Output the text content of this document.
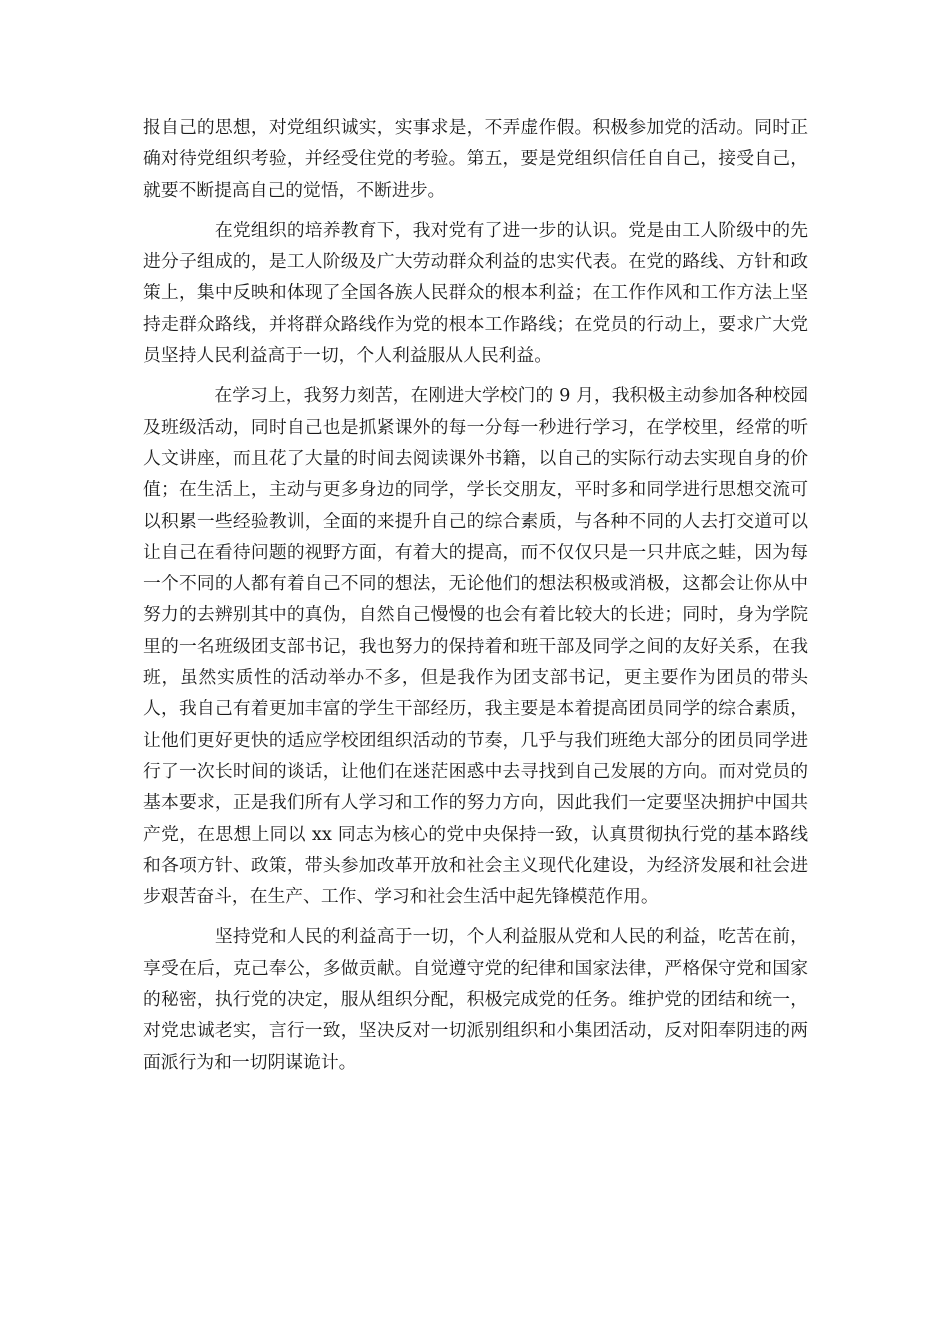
报自己的思想，对党组织诚实，实事求是，不弄虚作假。积极参加党的活动。同时正确对待党组织考验，并经受住党的考验。第五，要是党组织信任自自己，接受自己，就要不断提高自己的觉悟，不断进步。

　　　　在党组织的培养教育下，我对党有了进一步的认识。党是由工人阶级中的先进分子组成的，是工人阶级及广大劳动群众利益的忠实代表。在党的路线、方针和政策上，集中反映和体现了全国各族人民群众的根本利益；在工作作风和工作方法上坚持走群众路线，并将群众路线作为党的根本工作路线；在党员的行动上，要求广大党员坚持人民利益高于一切，个人利益服从人民利益。

　　　　在学习上，我努力刻苦，在刚进大学校门的 9 月，我积极主动参加各种校园及班级活动，同时自己也是抓紧课外的每一分每一秒进行学习，在学校里，经常的听人文讲座，而且花了大量的时间去阅读课外书籍，以自己的实际行动去实现自身的价值；在生活上，主动与更多身边的同学，学长交朋友，平时多和同学进行思想交流可以积累一些经验教训，全面的来提升自己的综合素质，与各种不同的人去打交道可以让自己在看待问题的视野方面，有着大的提高，而不仅仅只是一只井底之蛙，因为每一个不同的人都有着自己不同的想法，无论他们的想法积极或消极，这都会让你从中努力的去辨别其中的真伪，自然自己慢慢的也会有着比较大的长进；同时，身为学院里的一名班级团支部书记，我也努力的保持着和班干部及同学之间的友好关系，在我班，虽然实质性的活动举办不多，但是我作为团支部书记，更主要作为团员的带头人，我自己有着更加丰富的学生干部经历，我主要是本着提高团员同学的综合素质，让他们更好更快的适应学校团组织活动的节奏，几乎与我们班绝大部分的团员同学进行了一次长时间的谈话，让他们在迷茫困惑中去寻找到自己发展的方向。而对党员的基本要求，正是我们所有人学习和工作的努力方向，因此我们一定要坚决拥护中国共产党，在思想上同以 xx 同志为核心的党中央保持一致，认真贯彻执行党的基本路线和各项方针、政策，带头参加改革开放和社会主义现代化建设，为经济发展和社会进步艰苦奋斗，在生产、工作、学习和社会生活中起先锋模范作用。

　　　　坚持党和人民的利益高于一切，个人利益服从党和人民的利益，吃苦在前，享受在后，克己奉公，多做贡献。自觉遵守党的纪律和国家法律，严格保守党和国家的秘密，执行党的决定，服从组织分配，积极完成党的任务。维护党的团结和统一，对党忠诚老实，言行一致，坚决反对一切派别组织和小集团活动，反对阳奉阴违的两面派行为和一切阴谋诡计。
